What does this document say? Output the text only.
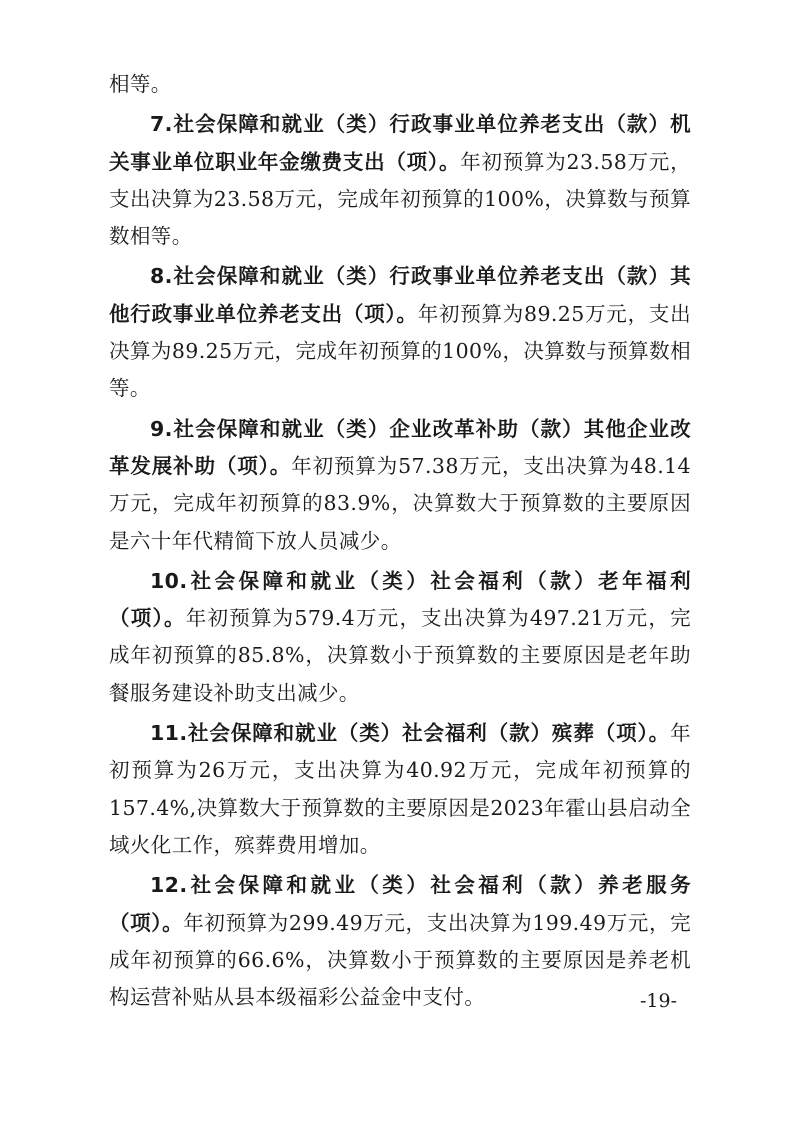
相等。

7.社会保障和就业（类）行政事业单位养老支出（款）机关事业单位职业年金缴费支出（项）。年初预算为23.58万元，支出决算为23.58万元，完成年初预算的100%，决算数与预算数相等。

8.社会保障和就业（类）行政事业单位养老支出（款）其他行政事业单位养老支出（项）。年初预算为89.25万元，支出决算为89.25万元，完成年初预算的100%，决算数与预算数相等。

9.社会保障和就业（类）企业改革补助（款）其他企业改革发展补助（项）。年初预算为57.38万元，支出决算为48.14万元，完成年初预算的83.9%，决算数大于预算数的主要原因是六十年代精简下放人员减少。

10.社会保障和就业（类）社会福利（款）老年福利（项）。年初预算为579.4万元，支出决算为497.21万元，完成年初预算的85.8%，决算数小于预算数的主要原因是老年助餐服务建设补助支出减少。

11.社会保障和就业（类）社会福利（款）殡葬（项）。年初预算为26万元，支出决算为40.92万元，完成年初预算的157.4%,决算数大于预算数的主要原因是2023年霍山县启动全域火化工作，殡葬费用增加。

12.社会保障和就业（类）社会福利（款）养老服务（项）。年初预算为299.49万元，支出决算为199.49万元，完成年初预算的66.6%，决算数小于预算数的主要原因是养老机构运营补贴从县本级福彩公益金中支付。	-19-
